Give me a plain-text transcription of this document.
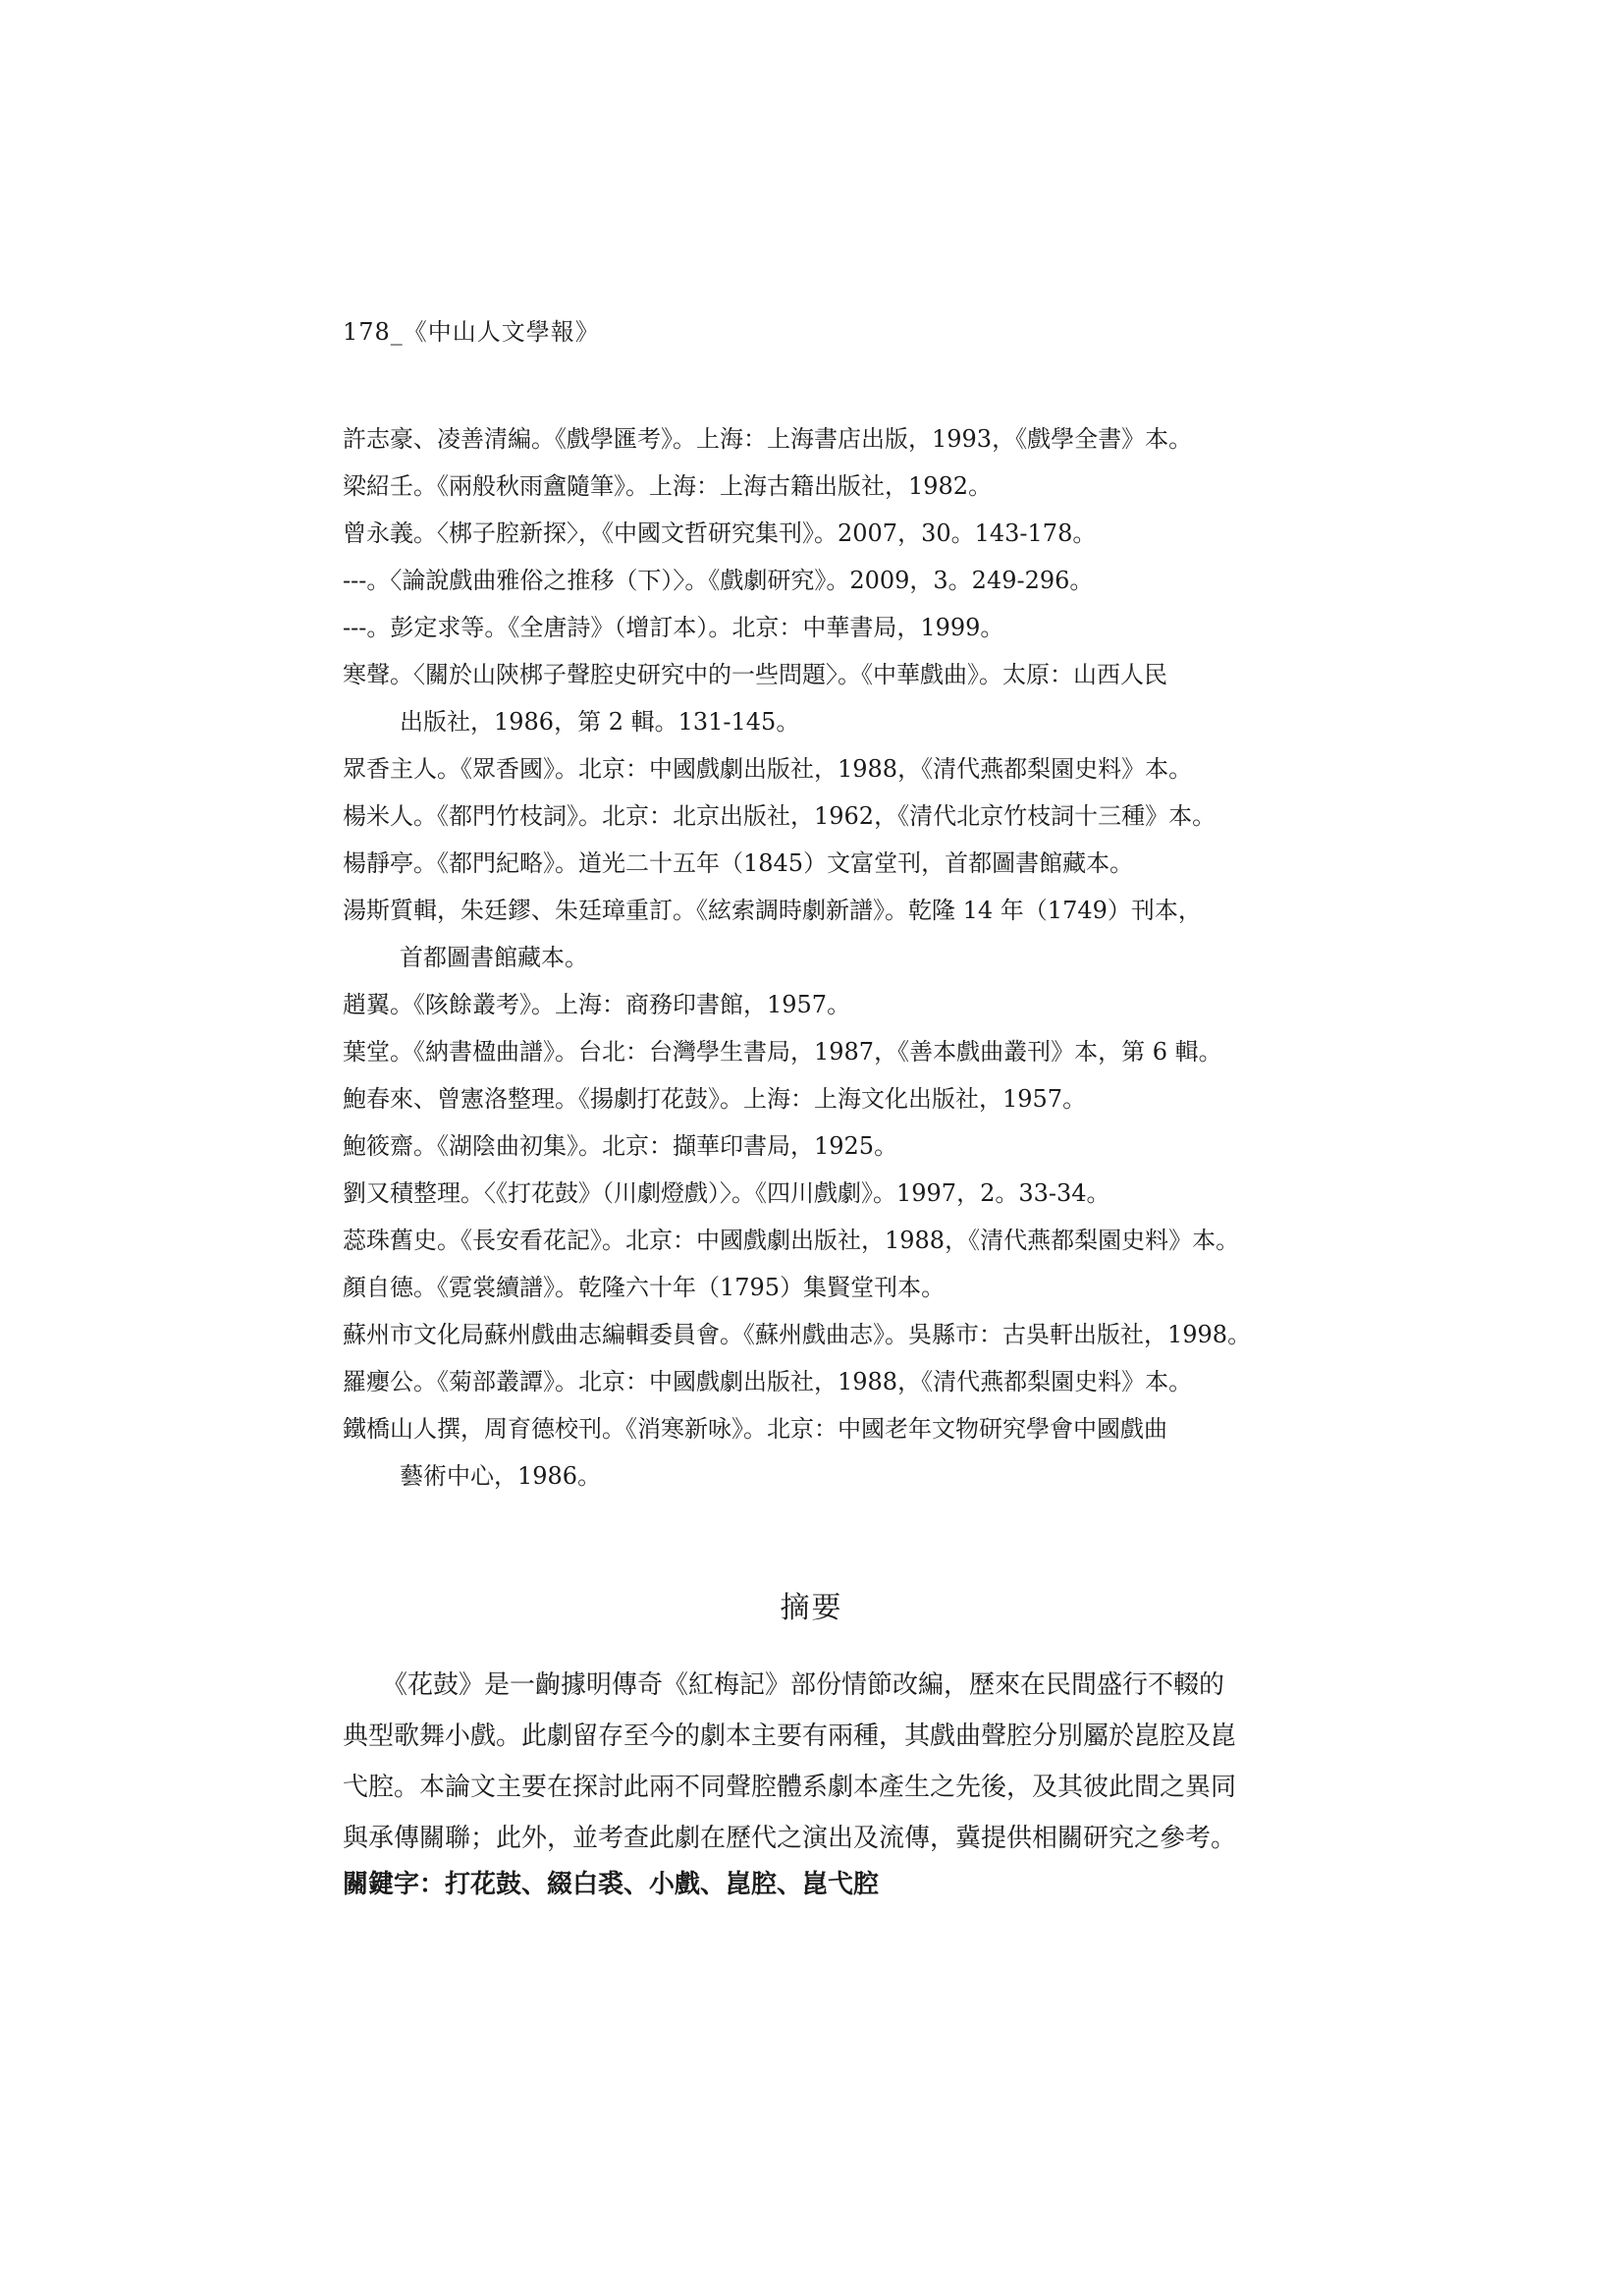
178_《中山人文學報》
許志豪、凌善清編。《戲學匯考》。上海：上海書店出版，1993，《戲學全書》本。
梁紹壬。《兩般秋雨盦隨筆》。上海：上海古籍出版社，1982。
曾永義。〈梆子腔新探〉，《中國文哲研究集刊》。2007，30。143-178。
---。〈論說戲曲雅俗之推移（下）〉。《戲劇研究》。2009，3。249-296。
---。彭定求等。《全唐詩》（增訂本）。北京：中華書局，1999。
寒聲。〈關於山陝梆子聲腔史研究中的一些問題〉。《中華戲曲》。太原：山西人民
出版社，1986，第 2 輯。131-145。
眾香主人。《眾香國》。北京：中國戲劇出版社，1988，《清代燕都梨園史料》本。
楊米人。《都門竹枝詞》。北京：北京出版社，1962，《清代北京竹枝詞十三種》本。
楊靜亭。《都門紀略》。道光二十五年（1845）文富堂刊，首都圖書館藏本。
湯斯質輯，朱廷鏐、朱廷璋重訂。《絃索調時劇新譜》。乾隆 14 年（1749）刊本，
首都圖書館藏本。
趙翼。《陔餘叢考》。上海：商務印書館，1957。
葉堂。《納書楹曲譜》。台北：台灣學生書局，1987，《善本戲曲叢刊》本，第 6 輯。
鮑春來、曾憲洛整理。《揚劇打花鼓》。上海：上海文化出版社，1957。
鮑筱齋。《湖陰曲初集》。北京：擷華印書局，1925。
劉又積整理。〈《打花鼓》（川劇燈戲）〉。《四川戲劇》。1997，2。33-34。
蕊珠舊史。《長安看花記》。北京：中國戲劇出版社，1988，《清代燕都梨園史料》本。
顏自德。《霓裳續譜》。乾隆六十年（1795）集賢堂刊本。
蘇州市文化局蘇州戲曲志編輯委員會。《蘇州戲曲志》。吳縣市：古吳軒出版社，1998。
羅癭公。《菊部叢譚》。北京：中國戲劇出版社，1988，《清代燕都梨園史料》本。
鐵橋山人撰，周育德校刊。《消寒新咏》。北京：中國老年文物研究學會中國戲曲
藝術中心，1986。
摘要
《花鼓》是一齣據明傳奇《紅梅記》部份情節改編，歷來在民間盛行不輟的
典型歌舞小戲。此劇留存至今的劇本主要有兩種，其戲曲聲腔分別屬於崑腔及崑
弋腔。本論文主要在探討此兩不同聲腔體系劇本產生之先後，及其彼此間之異同
與承傳關聯；此外，並考查此劇在歷代之演出及流傳，冀提供相關研究之參考。
關鍵字：打花鼓、綴白裘、小戲、崑腔、崑弋腔
